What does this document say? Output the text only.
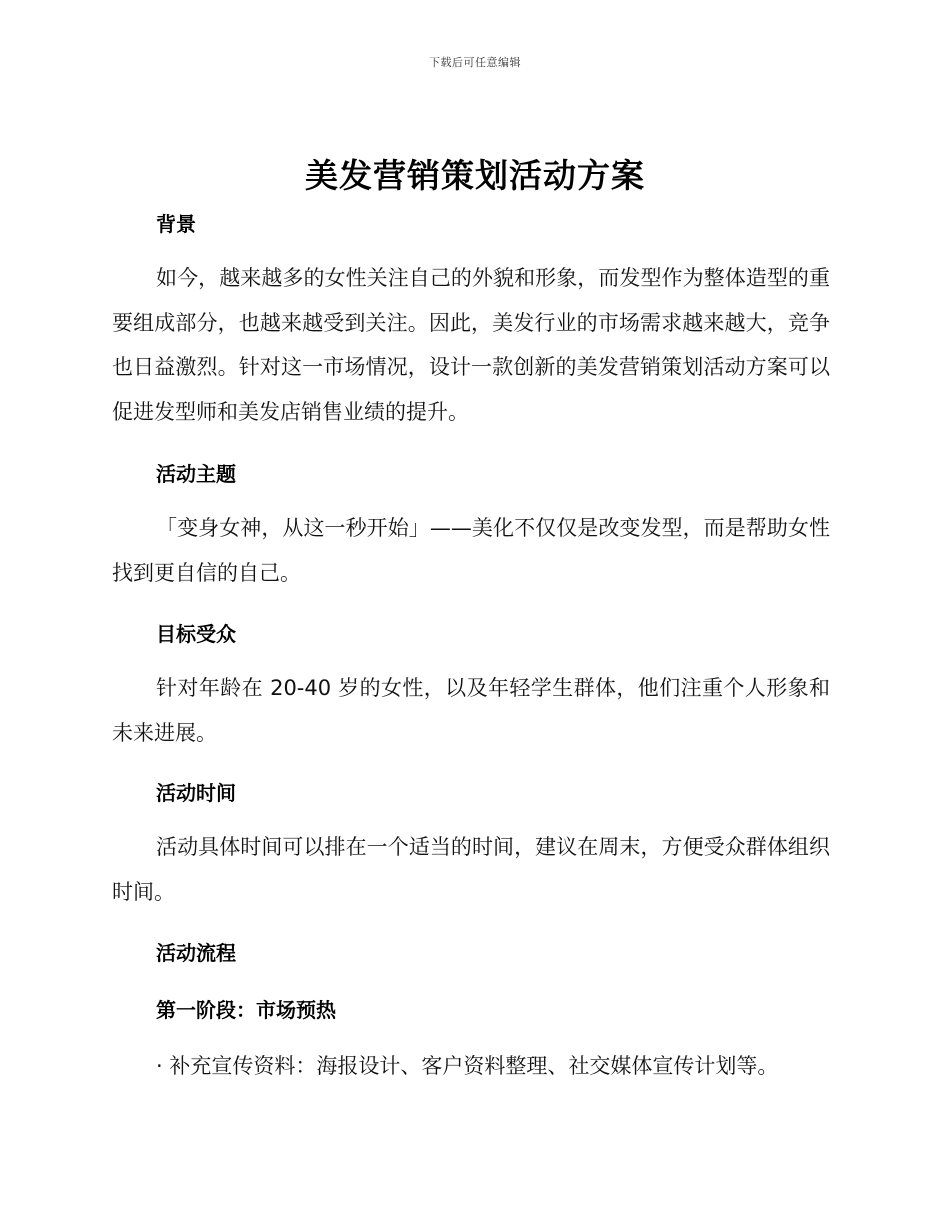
下载后可任意编辑
美发营销策划活动方案
背景

如今，越来越多的女性关注自己的外貌和形象，而发型作为整体造型的重要组成部分，也越来越受到关注。因此，美发行业的市场需求越来越大，竞争也日益激烈。针对这一市场情况，设计一款创新的美发营销策划活动方案可以促进发型师和美发店销售业绩的提升。

活动主题

「变身女神，从这一秒开始」——美化不仅仅是改变发型，而是帮助女性找到更自信的自己。

目标受众

针对年龄在 20-40 岁的女性，以及年轻学生群体，他们注重个人形象和未来进展。

活动时间

活动具体时间可以排在一个适当的时间，建议在周末，方便受众群体组织时间。

活动流程
第一阶段：市场预热

· 补充宣传资料：海报设计、客户资料整理、社交媒体宣传计划等。
